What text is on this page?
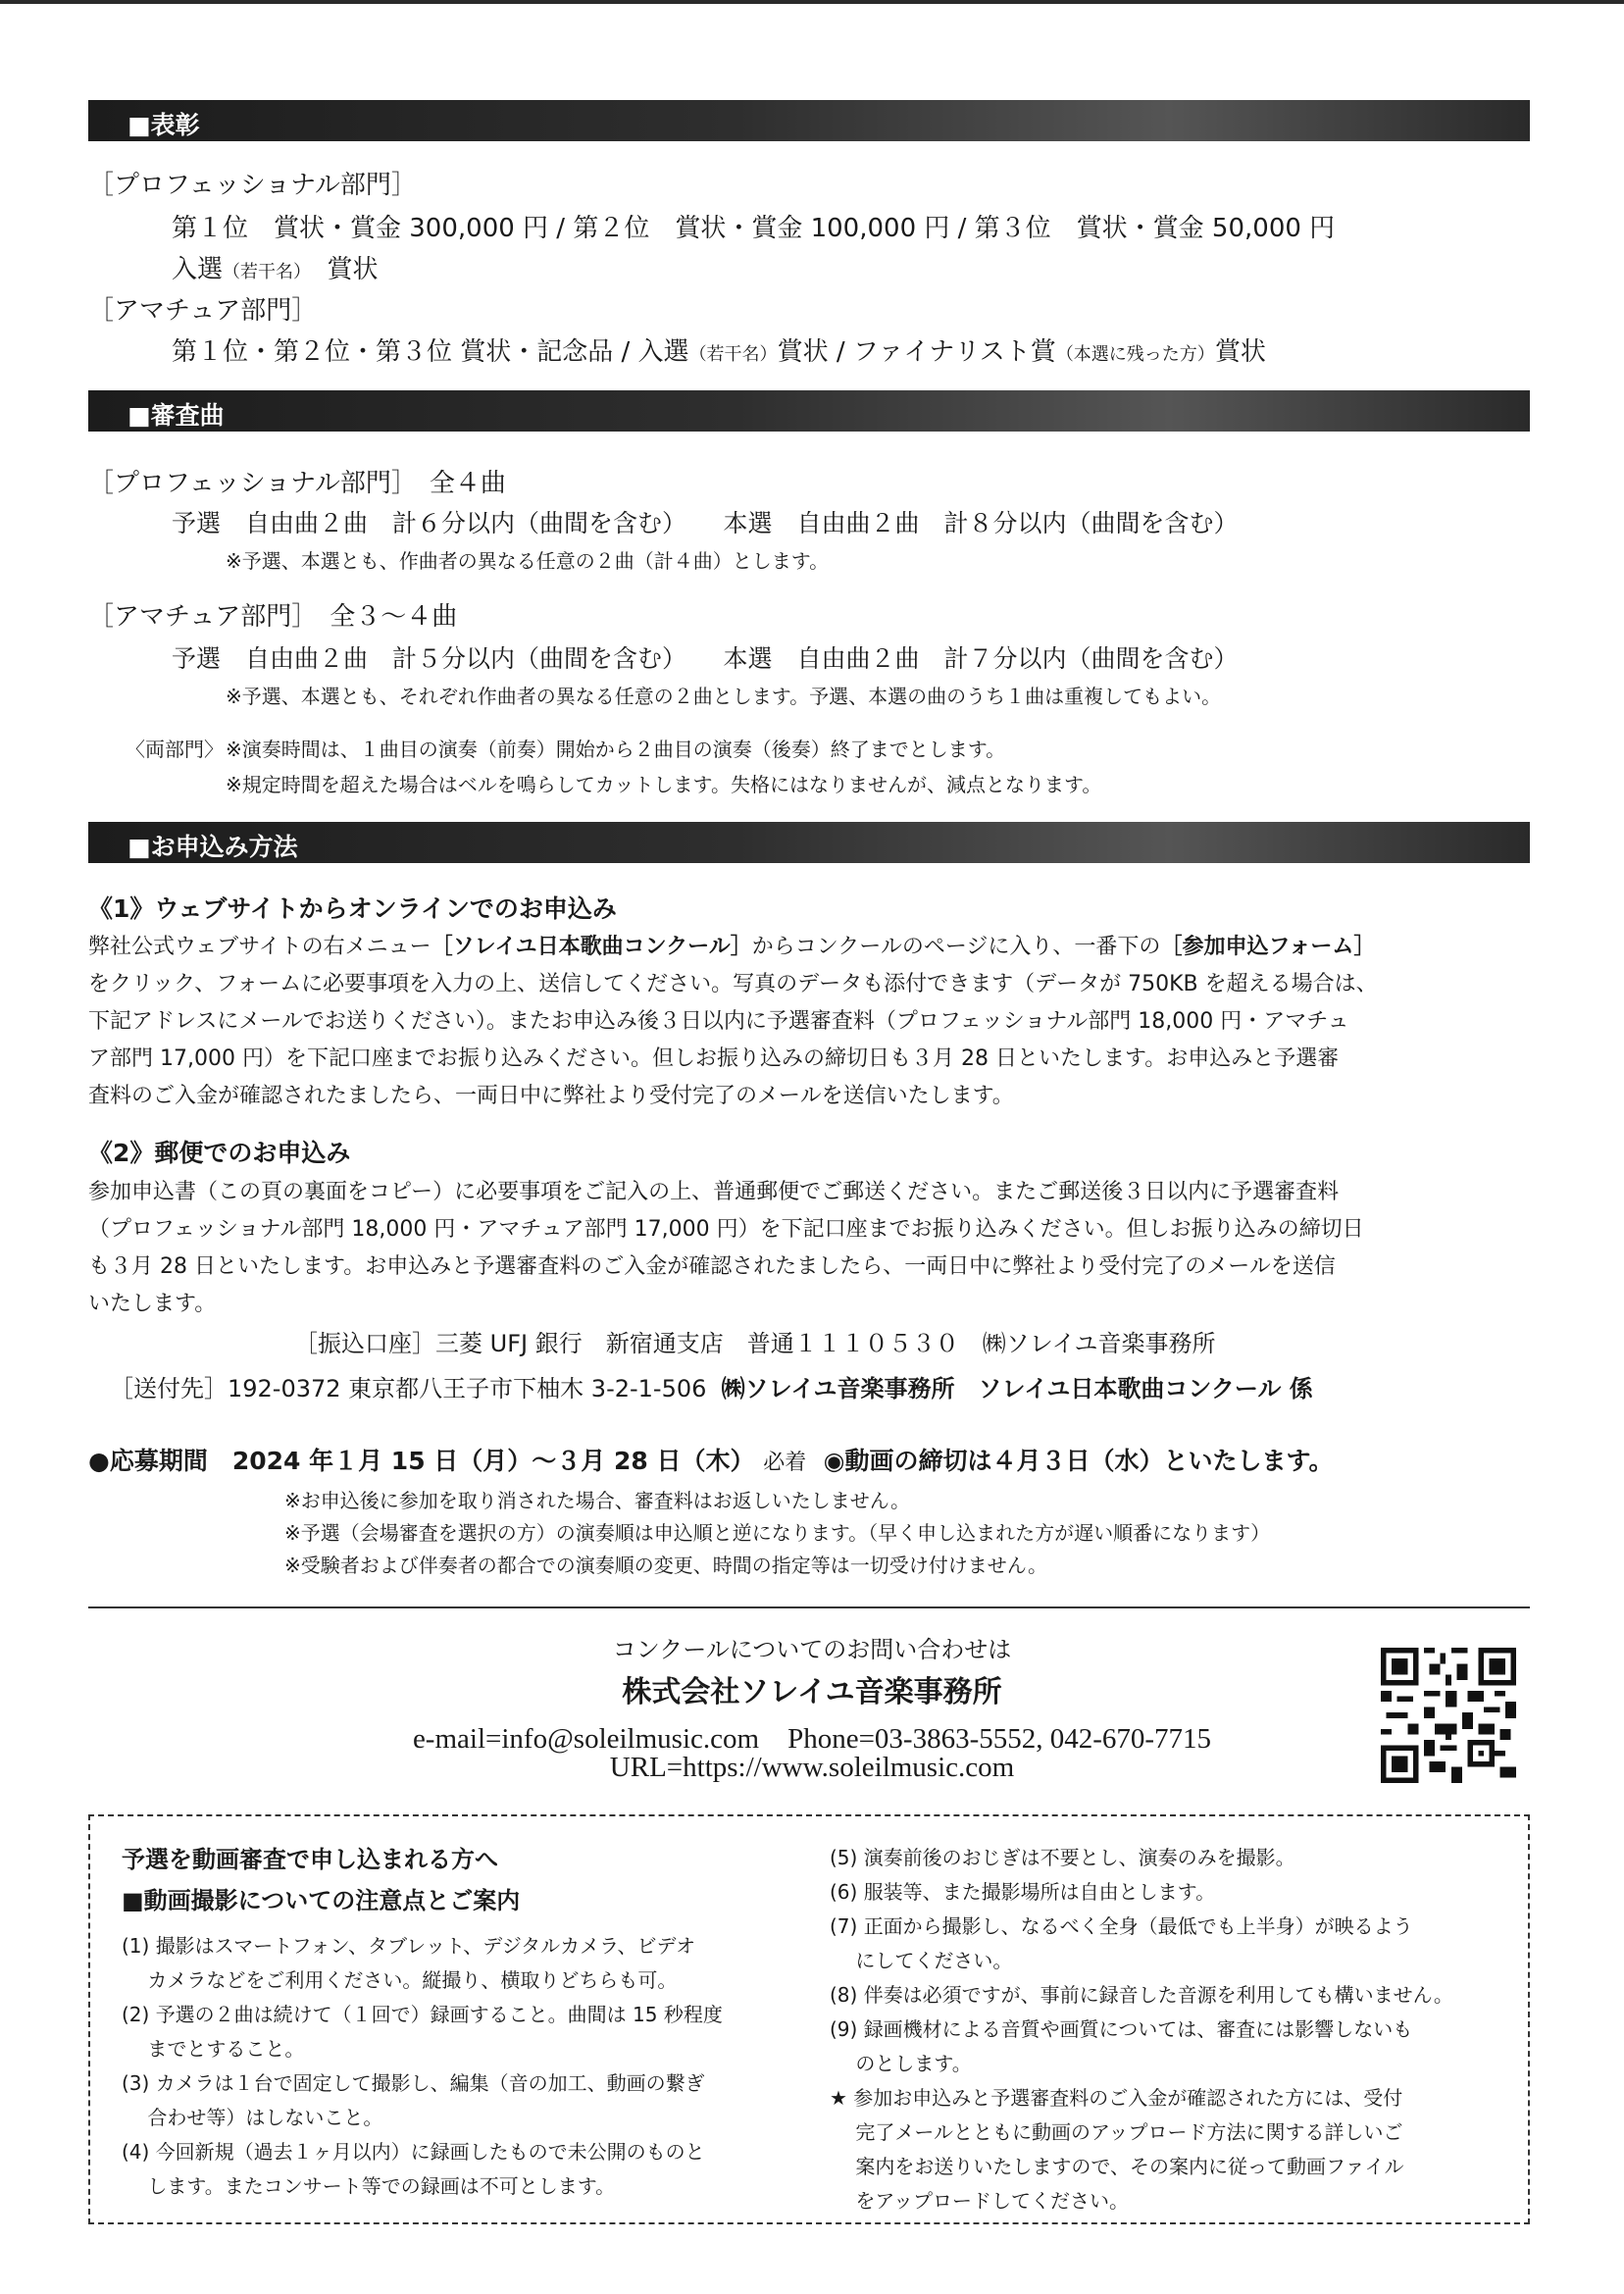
■表彰
［プロフェッショナル部門］
第１位　賞状・賞金 300,000 円 / 第２位　賞状・賞金 100,000 円 / 第３位　賞状・賞金 50,000 円
入選（若干名） 賞状
［アマチュア部門］
第１位・第２位・第３位 賞状・記念品 / 入選（若干名）賞状 / ファイナリスト賞（本選に残った方）賞状
■審査曲
［プロフェッショナル部門］　全４曲
予選　自由曲２曲　計６分以内（曲間を含む）　　本選　自由曲２曲　計８分以内（曲間を含む）
※予選、本選とも、作曲者の異なる任意の２曲（計４曲）とします。
［アマチュア部門］　全３～４曲
予選　自由曲２曲　計５分以内（曲間を含む）　　本選　自由曲２曲　計７分以内（曲間を含む）
※予選、本選とも、それぞれ作曲者の異なる任意の２曲とします。予選、本選の曲のうち１曲は重複してもよい。
〈両部門〉 ※演奏時間は、１曲目の演奏（前奏）開始から２曲目の演奏（後奏）終了までとします。
※規定時間を超えた場合はベルを鳴らしてカットします。失格にはなりませんが、減点となります。
■お申込み方法
《1》ウェブサイトからオンラインでのお申込み
弊社公式ウェブサイトの右メニュー［ソレイユ日本歌曲コンクール］からコンクールのページに入り、一番下の［参加申込フォーム］
をクリック、フォームに必要事項を入力の上、送信してください。写真のデータも添付できます（データが 750KB を超える場合は、
下記アドレスにメールでお送りください）。またお申込み後３日以内に予選審査料（プロフェッショナル部門 18,000 円・アマチュ
ア部門 17,000 円）を下記口座までお振り込みください。但しお振り込みの締切日も３月 28 日といたします。お申込みと予選審
査料のご入金が確認されたましたら、一両日中に弊社より受付完了のメールを送信いたします。
《2》郵便でのお申込み
参加申込書（この頁の裏面をコピー）に必要事項をご記入の上、普通郵便でご郵送ください。またご郵送後３日以内に予選審査料
（プロフェッショナル部門 18,000 円・アマチュア部門 17,000 円）を下記口座までお振り込みください。但しお振り込みの締切日
も３月 28 日といたします。お申込みと予選審査料のご入金が確認されたましたら、一両日中に弊社より受付完了のメールを送信
いたします。
［振込口座］三菱 UFJ 銀行　新宿通支店　普通１１１０５３０　㈱ソレイユ音楽事務所
［送付先］192-0372 東京都八王子市下柚木 3-2-1-506 ㈱ソレイユ音楽事務所　ソレイユ日本歌曲コンクール 係
●応募期間　2024 年１月 15 日（月）～３月 28 日（木） 必着 ◉動画の締切は４月３日（水）といたします。
※お申込後に参加を取り消された場合、審査料はお返しいたしません。
※予選（会場審査を選択の方）の演奏順は申込順と逆になります。（早く申し込まれた方が遅い順番になります）
※受験者および伴奏者の都合での演奏順の変更、時間の指定等は一切受け付けません。
コンクールについてのお問い合わせは
株式会社ソレイユ音楽事務所
e-mail=info@soleilmusic.com　Phone=03-3863-5552, 042-670-7715
URL=https://www.soleilmusic.com
予選を動画審査で申し込まれる方へ
■動画撮影についての注意点とご案内
(1) 撮影はスマートフォン、タブレット、デジタルカメラ、ビデオ
　 カメラなどをご利用ください。縦撮り、横取りどちらも可。
(2) 予選の２曲は続けて（１回で）録画すること。曲間は 15 秒程度
　 までとすること。
(3) カメラは１台で固定して撮影し、編集（音の加工、動画の繋ぎ
　 合わせ等）はしないこと。
(4) 今回新規（過去１ヶ月以内）に録画したもので未公開のものと
　 します。またコンサート等での録画は不可とします。
(5) 演奏前後のおじぎは不要とし、演奏のみを撮影。
(6) 服装等、また撮影場所は自由とします。
(7) 正面から撮影し、なるべく全身（最低でも上半身）が映るよう
　 にしてください。
(8) 伴奏は必須ですが、事前に録音した音源を利用しても構いません。
(9) 録画機材による音質や画質については、審査には影響しないも
　 のとします。
★ 参加お申込みと予選審査料のご入金が確認された方には、受付
　 完了メールとともに動画のアップロード方法に関する詳しいご
　 案内をお送りいたしますので、その案内に従って動画ファイル
　 をアップロードしてください。
